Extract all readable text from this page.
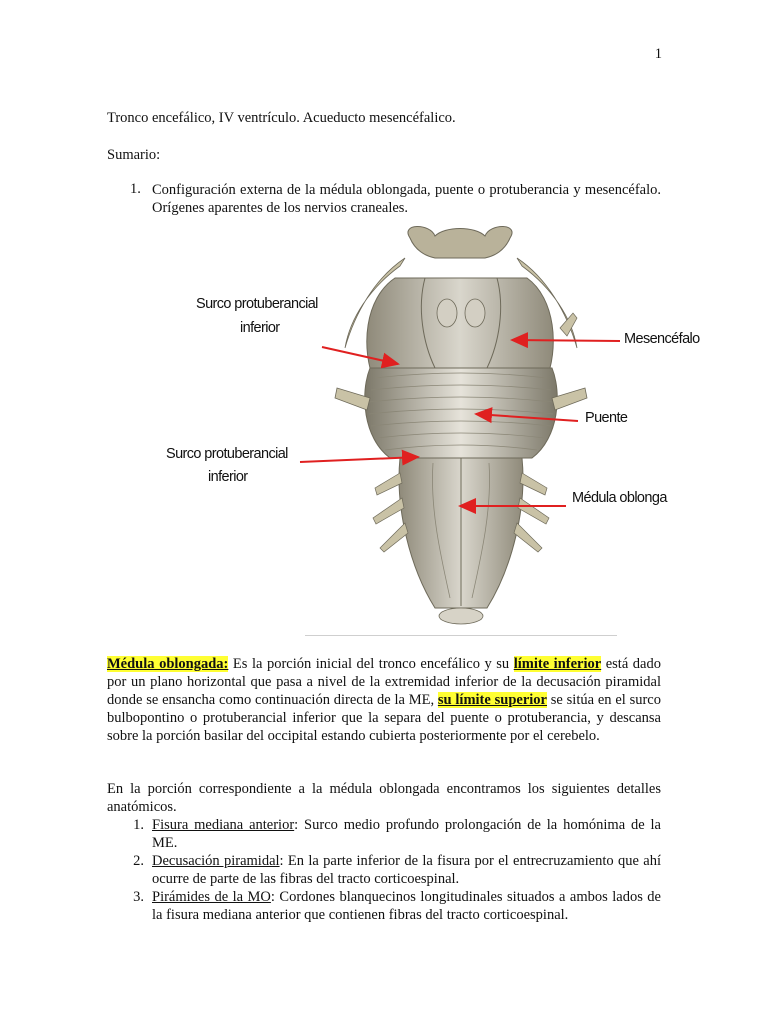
1
Tronco encefálico, IV ventrículo. Acueducto mesencéfalico.
Sumario:
1. Configuración externa de la médula oblongada, puente o protuberancia y mesencéfalo. Orígenes aparentes de los nervios craneales.
Surco protuberancial
inferior
Surco protuberancial
inferior
Mesencéfalo
Puente
Médula oblonga
Médula oblongada: Es la porción inicial del tronco encefálico y su límite inferior está dado por un plano horizontal que pasa a nivel de la extremidad inferior de la decusación piramidal donde se ensancha como continuación directa de la ME, su límite superior se sitúa en el surco bulbopontino o protuberancial inferior que la separa del puente o protuberancia, y descansa sobre la porción basilar del occipital estando cubierta posteriormente por el cerebelo.
En la porción correspondiente a la médula oblongada encontramos los siguientes detalles anatómicos.
1. Fisura mediana anterior: Surco medio profundo prolongación de la homónima de la ME.
2. Decusación piramidal: En la parte inferior de la fisura por el entrecruzamiento que ahí ocurre de parte de las fibras del tracto corticoespinal.
3. Pirámides de la MO: Cordones blanquecinos longitudinales situados a ambos lados de la fisura mediana anterior que contienen fibras del tracto corticoespinal.
